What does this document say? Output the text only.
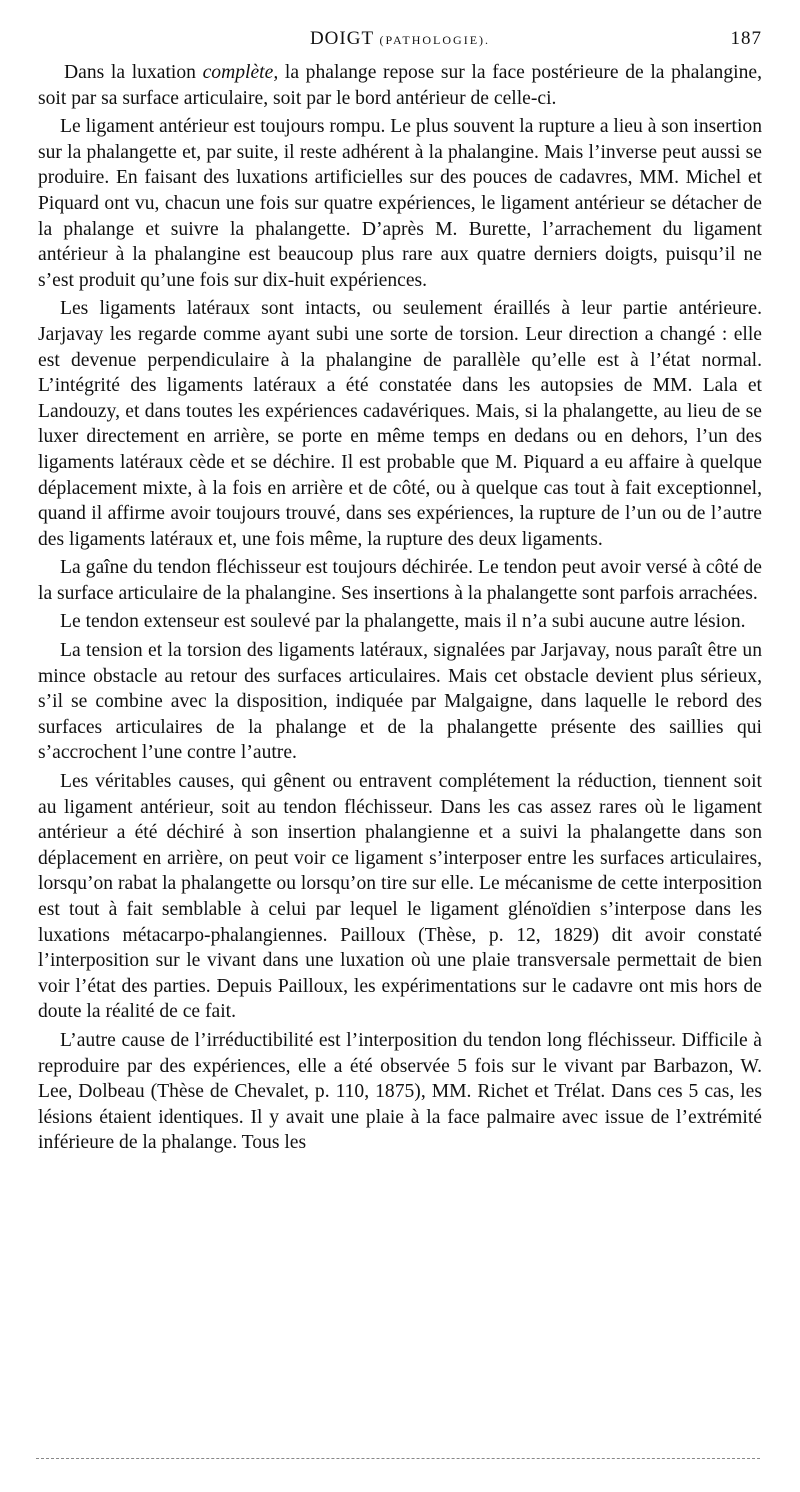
DOIGT (PATHOLOGIE).	187

Dans la luxation complète, la phalange repose sur la face postérieure de la phalangine, soit par sa surface articulaire, soit par le bord antérieur de celle-ci.

Le ligament antérieur est toujours rompu. Le plus souvent la rupture a lieu à son insertion sur la phalangette et, par suite, il reste adhérent à la phalangine. Mais l’inverse peut aussi se produire. En faisant des luxations artificielles sur des pouces de cadavres, MM. Michel et Piquard ont vu, chacun une fois sur quatre expériences, le ligament antérieur se détacher de la phalange et suivre la phalangette. D’après M. Burette, l’arrachement du ligament antérieur à la phalangine est beaucoup plus rare aux quatre derniers doigts, puisqu’il ne s’est produit qu’une fois sur dix-huit expériences.

Les ligaments latéraux sont intacts, ou seulement éraillés à leur partie antérieure. Jarjavay les regarde comme ayant subi une sorte de torsion. Leur direction a changé : elle est devenue perpendiculaire à la phalangine de parallèle qu’elle est à l’état normal. L’intégrité des ligaments latéraux a été constatée dans les autopsies de MM. Lala et Landouzy, et dans toutes les expériences cadavériques. Mais, si la phalangette, au lieu de se luxer directement en arrière, se porte en même temps en dedans ou en dehors, l’un des ligaments latéraux cède et se déchire. Il est probable que M. Piquard a eu affaire à quelque déplacement mixte, à la fois en arrière et de côté, ou à quelque cas tout à fait exceptionnel, quand il affirme avoir toujours trouvé, dans ses expériences, la rupture de l’un ou de l’autre des ligaments latéraux et, une fois même, la rupture des deux ligaments.

La gaîne du tendon fléchisseur est toujours déchirée. Le tendon peut avoir versé à côté de la surface articulaire de la phalangine. Ses insertions à la phalangette sont parfois arrachées.

Le tendon extenseur est soulevé par la phalangette, mais il n’a subi aucune autre lésion.

La tension et la torsion des ligaments latéraux, signalées par Jarjavay, nous paraît être un mince obstacle au retour des surfaces articulaires. Mais cet obstacle devient plus sérieux, s’il se combine avec la disposition, indiquée par Malgaigne, dans laquelle le rebord des surfaces articulaires de la phalange et de la phalangette présente des saillies qui s’accrochent l’une contre l’autre.

Les véritables causes, qui gênent ou entravent complétement la réduction, tiennent soit au ligament antérieur, soit au tendon fléchisseur. Dans les cas assez rares où le ligament antérieur a été déchiré à son insertion phalangienne et a suivi la phalangette dans son déplacement en arrière, on peut voir ce ligament s’interposer entre les surfaces articulaires, lorsqu’on rabat la phalangette ou lorsqu’on tire sur elle. Le mécanisme de cette interposition est tout à fait semblable à celui par lequel le ligament glénoïdien s’interpose dans les luxations métacarpo-phalangiennes. Pailloux (Thèse, p. 12, 1829) dit avoir constaté l’interposition sur le vivant dans une luxation où une plaie transversale permettait de bien voir l’état des parties. Depuis Pailloux, les expérimentations sur le cadavre ont mis hors de doute la réalité de ce fait.

L’autre cause de l’irréductibilité est l’interposition du tendon long fléchisseur. Difficile à reproduire par des expériences, elle a été observée 5 fois sur le vivant par Barbazon, W. Lee, Dolbeau (Thèse de Chevalet, p. 110, 1875), MM. Richet et Trélat. Dans ces 5 cas, les lésions étaient identiques. Il y avait une plaie à la face palmaire avec issue de l’extrémité inférieure de la phalange. Tous les
